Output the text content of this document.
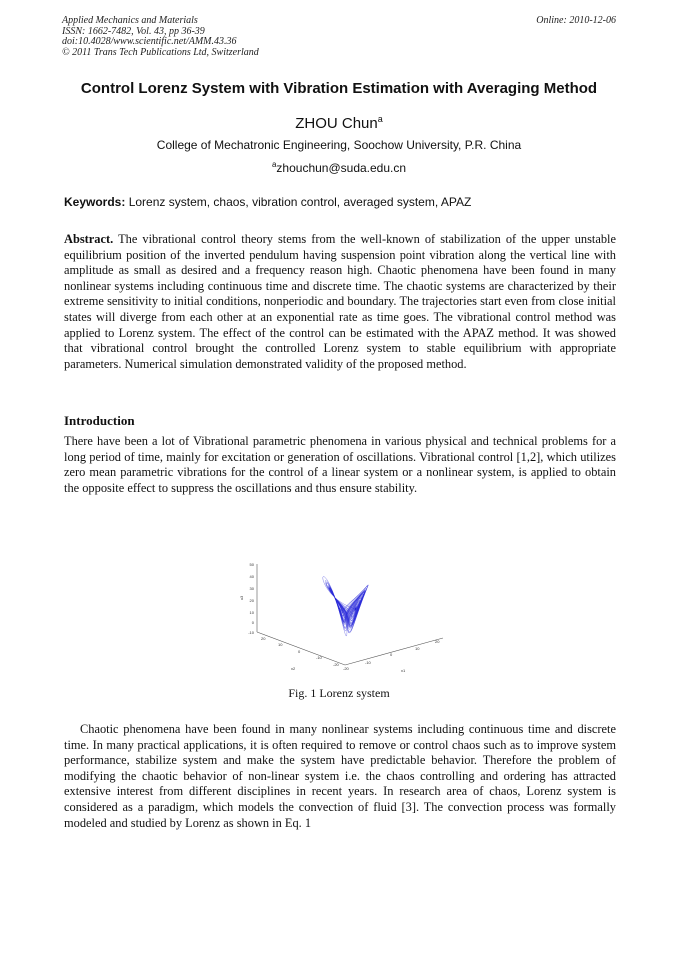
Applied Mechanics and Materials
ISSN: 1662-7482, Vol. 43, pp 36-39
doi:10.4028/www.scientific.net/AMM.43.36
© 2011 Trans Tech Publications Ltd, Switzerland
Online: 2010-12-06
Control Lorenz System with Vibration Estimation with Averaging Method
ZHOU Chun$^a$
College of Mechatronic Engineering, Soochow University, P.R. China
$^a$zhouchun@suda.edu.cn
Keywords: Lorenz system, chaos, vibration control, averaged system, APAZ

Abstract. The vibrational control theory stems from the well-known of stabilization of the upper unstable equilibrium position of the inverted pendulum having suspension point vibration along the vertical line with amplitude as small as desired and a frequency reason high. Chaotic phenomena have been found in many nonlinear systems including continuous time and discrete time. The chaotic systems are characterized by their extreme sensitivity to initial conditions, nonperiodic and boundary. The trajectories start even from close initial states will diverge from each other at an exponential rate as time goes. The vibrational control method was applied to Lorenz system. The effect of the control can be estimated with the APAZ method. It was showed that vibrational control brought the controlled Lorenz system to stable equilibrium with appropriate parameters. Numerical simulation demonstrated validity of the proposed method.

Introduction

There have been a lot of Vibrational parametric phenomena in various physical and technical problems for a long period of time, mainly for excitation or generation of oscillations. Vibrational control [1,2], which utilizes zero mean parametric vibrations for the control of a linear system or a nonlinear system, is applied to obtain the opposite effect to suppress the oscillations and thus ensure stability.

50
40
30
20
10
0
-10
x3
20
10
0
-10
-20
x2	-20
-10
0
10
20
x1
Fig. 1 Lorenz system

Chaotic phenomena have been found in many nonlinear systems including continuous time and discrete time. In many practical applications, it is often required to remove or control chaos such as to improve system performance, stabilize system and make the system have predictable behavior. Therefore the problem of modifying the chaotic behavior of non-linear system i.e. the chaos controlling and ordering has attracted extensive interest from different disciplines in recent years. In research area of chaos, Lorenz system is considered as a paradigm, which models the convection of fluid [3]. The convection process was formally modeled and studied by Lorenz as shown in Eq. 1
